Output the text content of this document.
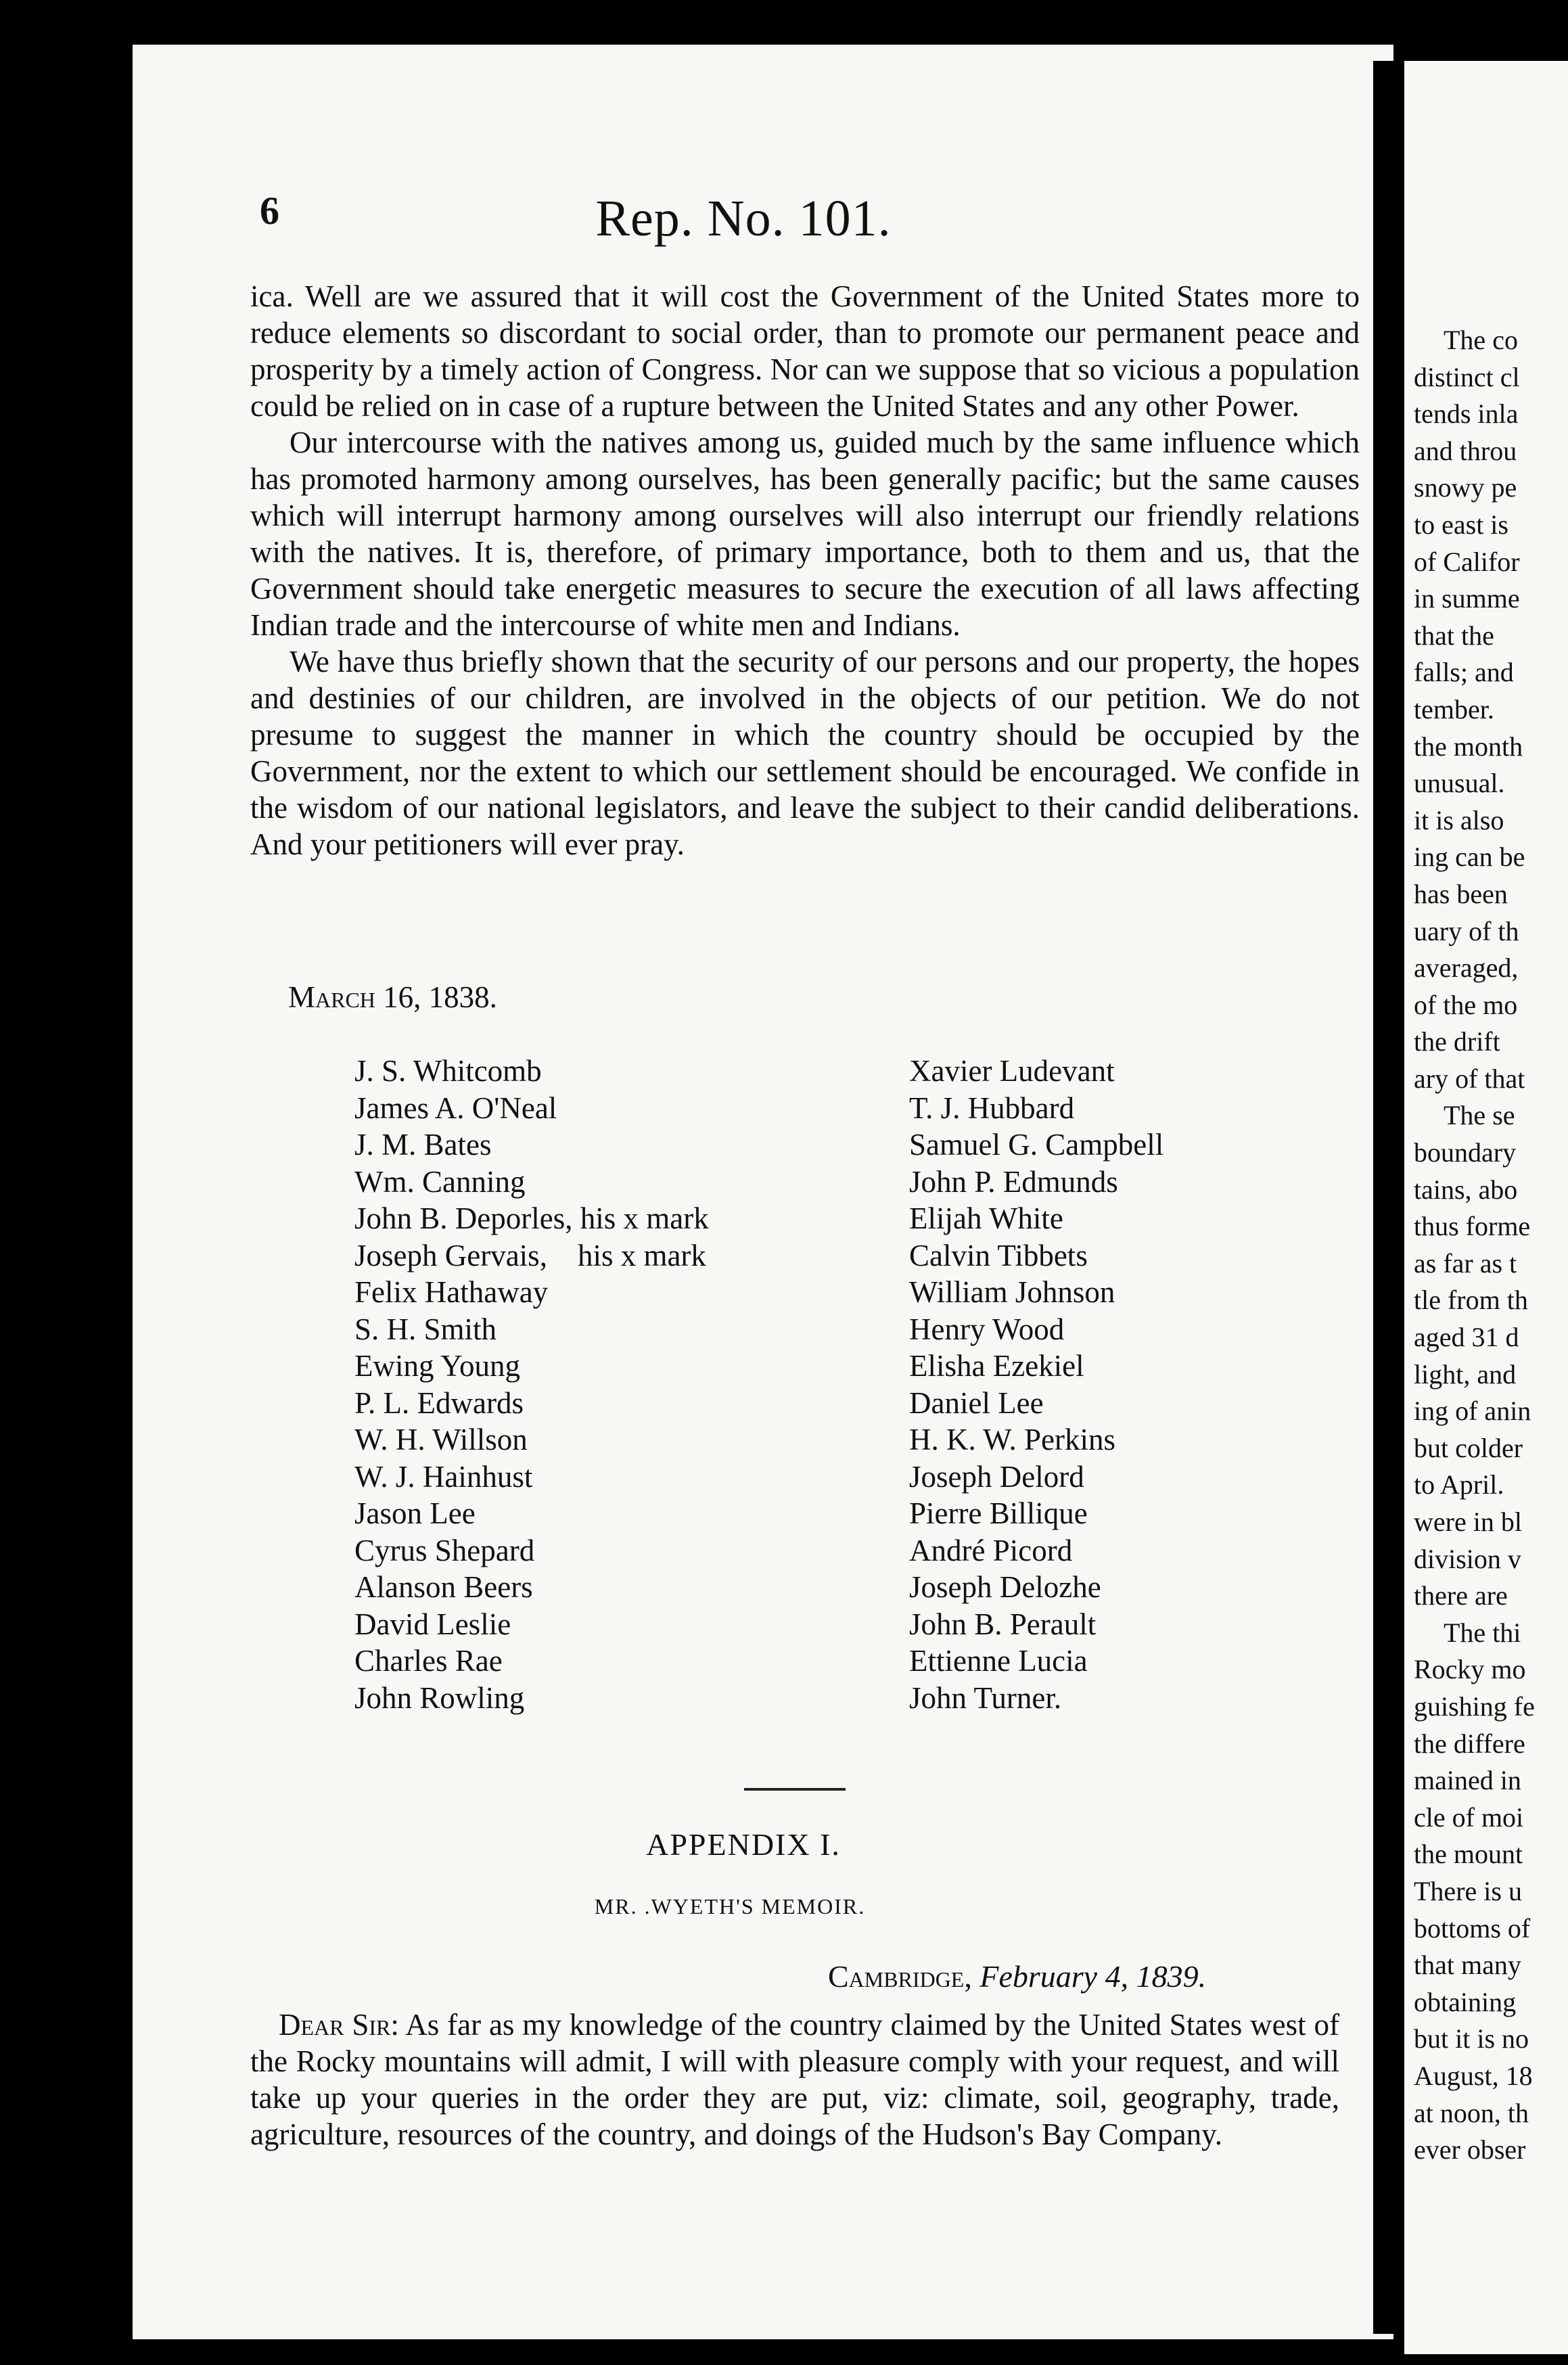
The co
distinct cl
tends inla
and throu
snowy pe
to east is
of Califor
in summe
that the
falls; and
tember.
the month
unusual.
it is also
ing can be
has been
uary of th
averaged,
of the mo
the drift
ary of that
The se
boundary
tains, abo
thus forme
as far as t
tle from th
aged 31 d
light, and
ing of anin
but colder
to April.
were in bl
division v
there are
The thi
Rocky mo
guishing fe
the differe
mained in
cle of moi
the mount
There is u
bottoms of
that many
obtaining
but it is no
August, 18
at noon, th
ever obser
6	Rep. No. 101.

ica. Well are we assured that it will cost the Government of the United States more to reduce elements so discordant to social order, than to promote our permanent peace and prosperity by a timely action of Congress. Nor can we suppose that so vicious a population could be relied on in case of a rupture between the United States and any other Power.

Our intercourse with the natives among us, guided much by the same influence which has promoted harmony among ourselves, has been generally pacific; but the same causes which will interrupt harmony among ourselves will also interrupt our friendly relations with the natives. It is, therefore, of primary importance, both to them and us, that the Government should take energetic measures to secure the execution of all laws affecting Indian trade and the intercourse of white men and Indians.

We have thus briefly shown that the security of our persons and our property, the hopes and destinies of our children, are involved in the objects of our petition. We do not presume to suggest the manner in which the country should be occupied by the Government, nor the extent to which our settlement should be encouraged. We confide in the wisdom of our national legislators, and leave the subject to their candid deliberations. And your petitioners will ever pray.

March 16, 1838.
J. S. Whitcomb
James A. O'Neal
J. M. Bates
Wm. Canning
John B. Deporles, his x mark
Joseph Gervais,    his x mark
Felix Hathaway
S. H. Smith
Ewing Young
P. L. Edwards
W. H. Willson
W. J. Hainhust
Jason Lee
Cyrus Shepard
Alanson Beers
David Leslie
Charles Rae
John Rowling
Xavier Ludevant
T. J. Hubbard
Samuel G. Campbell
John P. Edmunds
Elijah White
Calvin Tibbets
William Johnson
Henry Wood
Elisha Ezekiel
Daniel Lee
H. K. W. Perkins
Joseph Delord
Pierre Billique
André Picord
Joseph Delozhe
John B. Perault
Ettienne Lucia
John Turner.
APPENDIX I.
MR. .WYETH'S MEMOIR.
Cambridge, February 4, 1839.

Dear Sir: As far as my knowledge of the country claimed by the United States west of the Rocky mountains will admit, I will with pleasure comply with your request, and will take up your queries in the order they are put, viz: climate, soil, geography, trade, agriculture, resources of the country, and doings of the Hudson's Bay Company.
